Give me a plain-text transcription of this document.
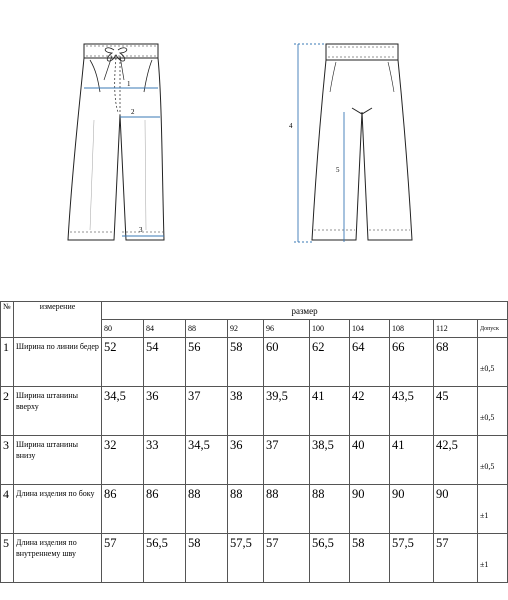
1
2
3
4
5
№	измерение	размер									
		80	84	88	92	96	100	104	108	112	Допуск
1	Ширина по линии бедер	52	54	56	58	60	62	64	66	68	±0,5
2	Ширина штанины вверху	34,5	36	37	38	39,5	41	42	43,5	45	±0,5
3	Ширина штанины внизу	32	33	34,5	36	37	38,5	40	41	42,5	±0,5
4	Длина изделия по боку	86	86	88	88	88	88	90	90	90	±1
5	Длина изделия по внутреннему шву	57	56,5	58	57,5	57	56,5	58	57,5	57	±1
